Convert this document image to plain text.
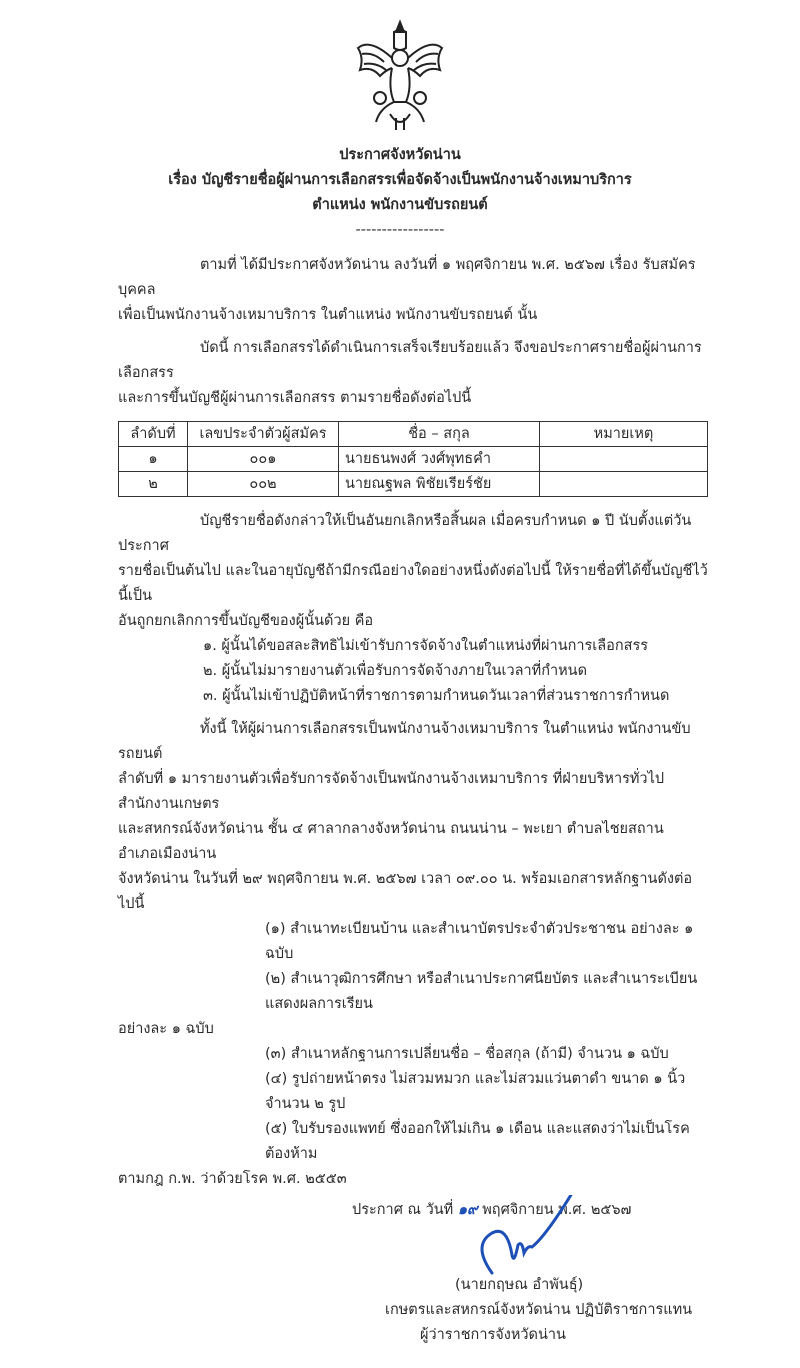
ประกาศจังหวัดน่าน
เรื่อง บัญชีรายชื่อผู้ผ่านการเลือกสรรเพื่อจัดจ้างเป็นพนักงานจ้างเหมาบริการ
ตำแหน่ง พนักงานขับรถยนต์
-----------------
ตามที่ ได้มีประกาศจังหวัดน่าน ลงวันที่ ๑ พฤศจิกายน พ.ศ. ๒๕๖๗ เรื่อง รับสมัครบุคคล
เพื่อเป็นพนักงานจ้างเหมาบริการ ในตำแหน่ง พนักงานขับรถยนต์ นั้น
บัดนี้ การเลือกสรรได้ดำเนินการเสร็จเรียบร้อยแล้ว จึงขอประกาศรายชื่อผู้ผ่านการเลือกสรร
และการขึ้นบัญชีผู้ผ่านการเลือกสรร ตามรายชื่อดังต่อไปนี้
ลำดับที่	เลขประจำตัวผู้สมัคร	ชื่อ – สกุล	หมายเหตุ
๑	๐๐๑	นายธนพงศ์ วงศ์พุทธคำ	
๒	๐๐๒	นายณฐพล พิชัยเรียร์ชัย	
บัญชีรายชื่อดังกล่าวให้เป็นอันยกเลิกหรือสิ้นผล เมื่อครบกำหนด ๑ ปี นับตั้งแต่วันประกาศ
รายชื่อเป็นต้นไป และในอายุบัญชีถ้ามีกรณีอย่างใดอย่างหนึ่งดังต่อไปนี้ ให้รายชื่อที่ได้ขึ้นบัญชีไว้นี้เป็น
อันถูกยกเลิกการขึ้นบัญชีของผู้นั้นด้วย คือ
๑. ผู้นั้นได้ขอสละสิทธิไม่เข้ารับการจัดจ้างในตำแหน่งที่ผ่านการเลือกสรร
๒. ผู้นั้นไม่มารายงานตัวเพื่อรับการจัดจ้างภายในเวลาที่กำหนด
๓. ผู้นั้นไม่เข้าปฏิบัติหน้าที่ราชการตามกำหนดวันเวลาที่ส่วนราชการกำหนด
ทั้งนี้ ให้ผู้ผ่านการเลือกสรรเป็นพนักงานจ้างเหมาบริการ ในตำแหน่ง พนักงานขับรถยนต์
ลำดับที่ ๑ มารายงานตัวเพื่อรับการจัดจ้างเป็นพนักงานจ้างเหมาบริการ ที่ฝ่ายบริหารทั่วไป สำนักงานเกษตร
และสหกรณ์จังหวัดน่าน ชั้น ๔ ศาลากลางจังหวัดน่าน ถนนน่าน – พะเยา ตำบลไชยสถาน อำเภอเมืองน่าน
จังหวัดน่าน ในวันที่ ๒๙ พฤศจิกายน พ.ศ. ๒๕๖๗ เวลา ๐๙.๐๐ น. พร้อมเอกสารหลักฐานดังต่อไปนี้
(๑) สำเนาทะเบียนบ้าน และสำเนาบัตรประจำตัวประชาชน อย่างละ ๑ ฉบับ
(๒) สำเนาวุฒิการศึกษา หรือสำเนาประกาศนียบัตร และสำเนาระเบียนแสดงผลการเรียน
อย่างละ ๑ ฉบับ
(๓) สำเนาหลักฐานการเปลี่ยนชื่อ – ชื่อสกุล (ถ้ามี) จำนวน ๑ ฉบับ
(๔) รูปถ่ายหน้าตรง ไม่สวมหมวก และไม่สวมแว่นตาดำ ขนาด ๑ นิ้ว จำนวน ๒ รูป
(๕) ใบรับรองแพทย์ ซึ่งออกให้ไม่เกิน ๑ เดือน และแสดงว่าไม่เป็นโรคต้องห้าม
ตามกฎ ก.พ. ว่าด้วยโรค พ.ศ. ๒๕๕๓
ประกาศ ณ วันที่ ๑๙ พฤศจิกายน พ.ศ. ๒๕๖๗
(นายกฤษณ อำพันธุ์)
เกษตรและสหกรณ์จังหวัดน่าน ปฏิบัติราชการแทน
ผู้ว่าราชการจังหวัดน่าน
